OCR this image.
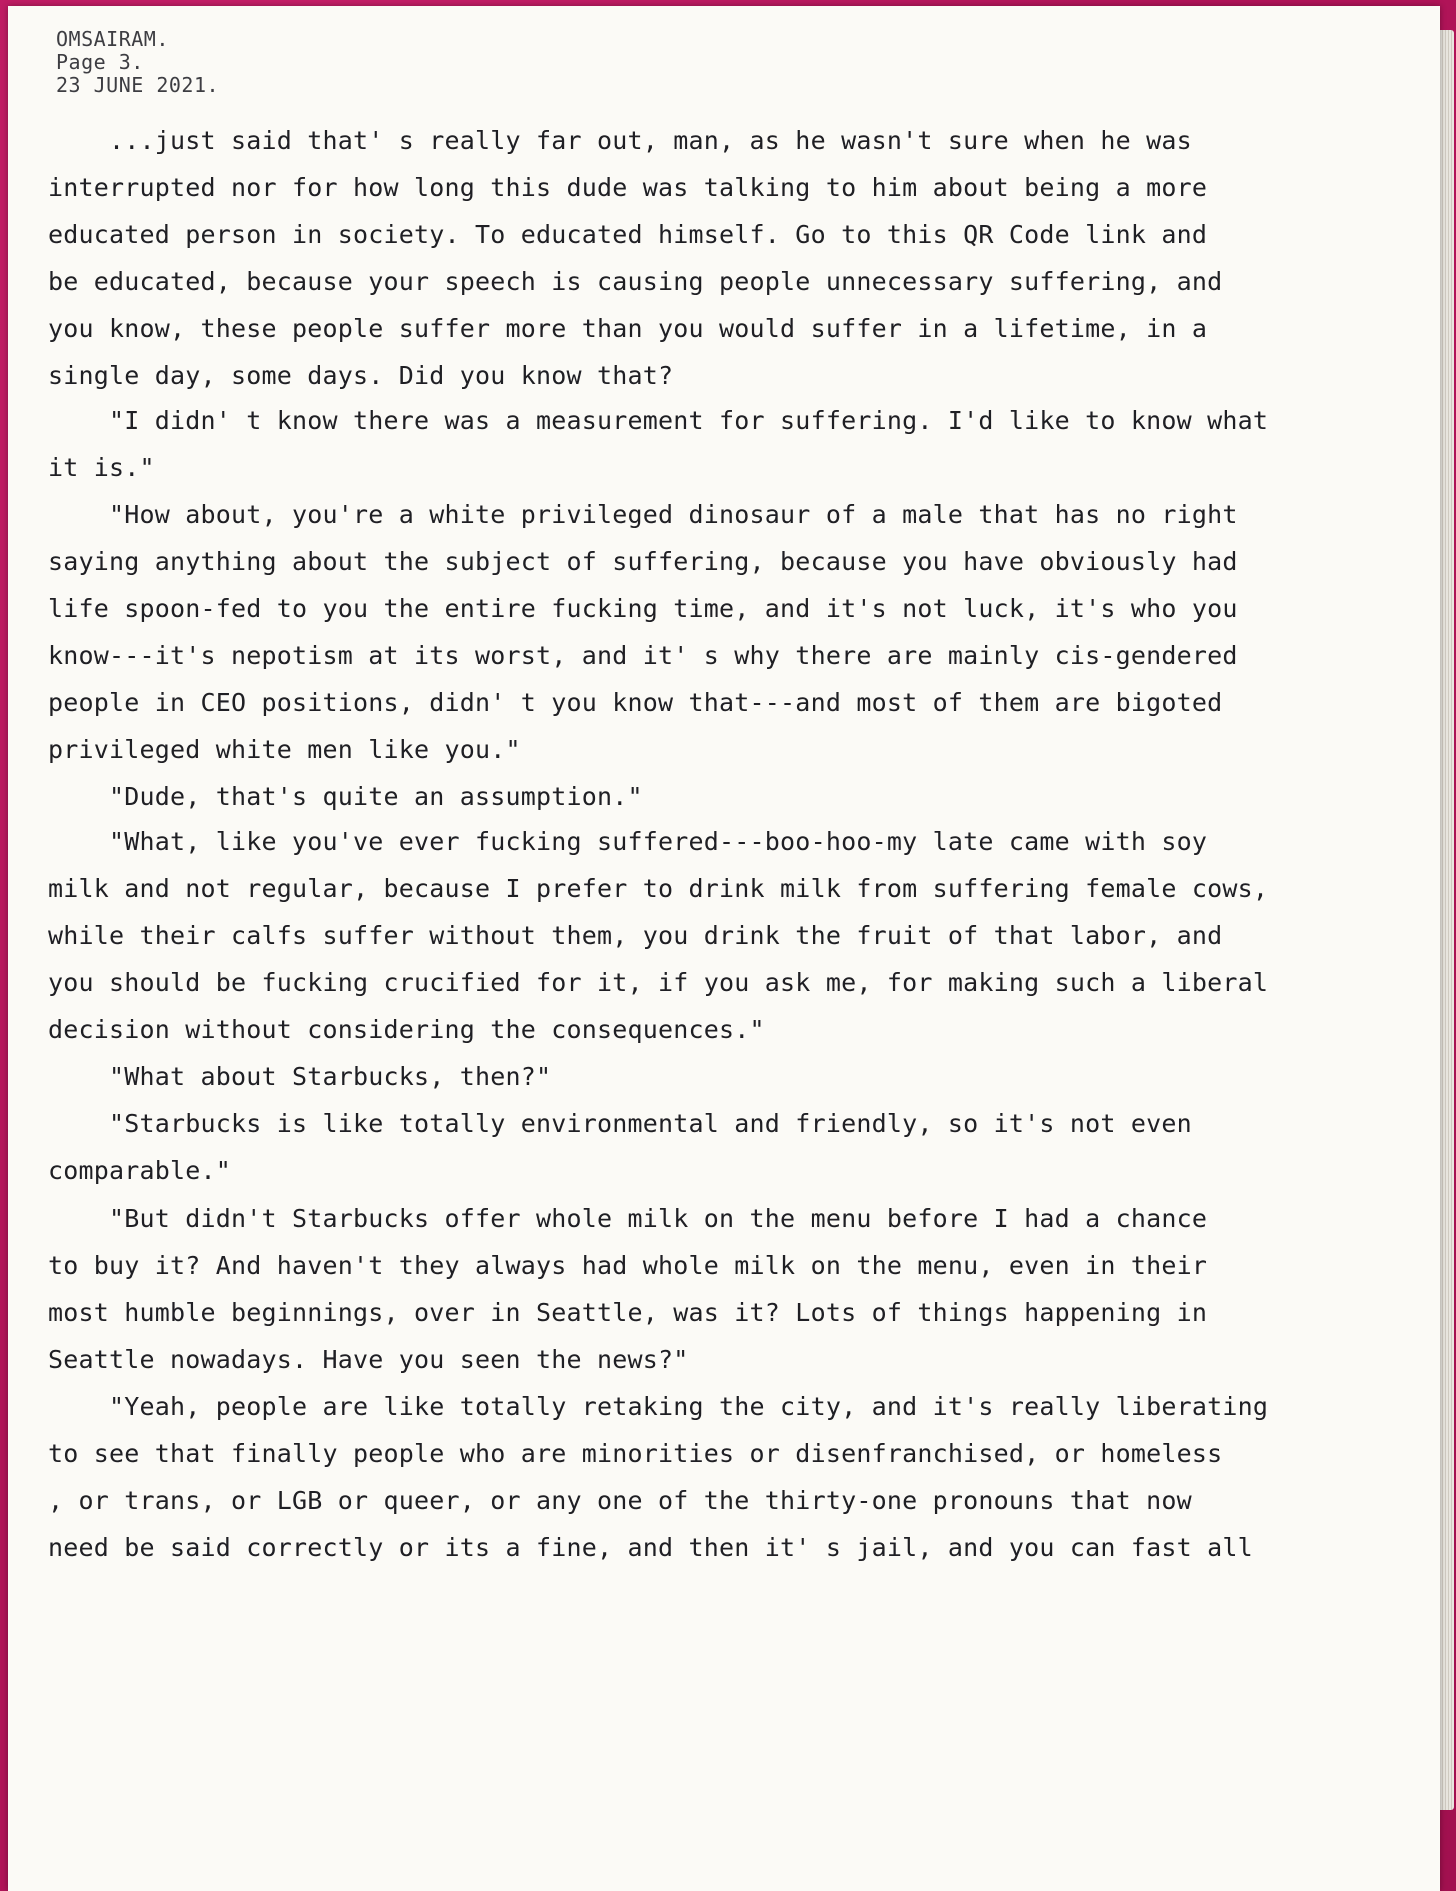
OMSAIRAM.
Page 3.
23 JUNE 2021.
...just said that' s really far out, man, as he wasn't sure when he was
interrupted nor for how long this dude was talking to him about being a more
educated person in society. To educated himself. Go to this QR Code link and
be educated, because your speech is causing people unnecessary suffering, and
you know, these people suffer more than you would suffer in a lifetime, in a
single day, some days. Did you know that?
"I didn' t know there was a measurement for suffering. I'd like to know what
it is."
"How about, you're a white privileged dinosaur of a male that has no right
saying anything about the subject of suffering, because you have obviously had
life spoon-fed to you the entire fucking time, and it's not luck, it's who you
know---it's nepotism at its worst, and it' s why there are mainly cis-gendered
people in CEO positions, didn' t you know that---and most of them are bigoted
privileged white men like you."
"Dude, that's quite an assumption."
"What, like you've ever fucking suffered---boo-hoo-my late came with soy
milk and not regular, because I prefer to drink milk from suffering female cows,
while their calfs suffer without them, you drink the fruit of that labor, and
you should be fucking crucified for it, if you ask me, for making such a liberal
decision without considering the consequences."
"What about Starbucks, then?"
"Starbucks is like totally environmental and friendly, so it's not even
comparable."
"But didn't Starbucks offer whole milk on the menu before I had a chance
to buy it? And haven't they always had whole milk on the menu, even in their
most humble beginnings, over in Seattle, was it? Lots of things happening in
Seattle nowadays. Have you seen the news?"
"Yeah, people are like totally retaking the city, and it's really liberating
to see that finally people who are minorities or disenfranchised, or homeless
, or trans, or LGB or queer, or any one of the thirty-one pronouns that now
need be said correctly or its a fine, and then it' s jail, and you can fast all
